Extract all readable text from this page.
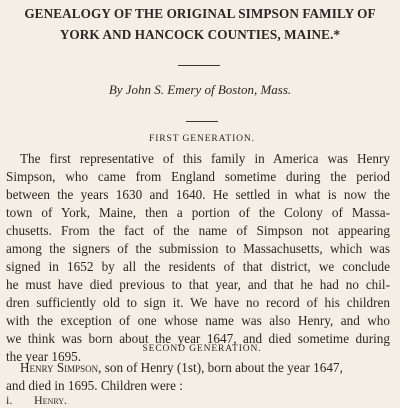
GENEALOGY OF THE ORIGINAL SIMPSON FAMILY OF
YORK AND HANCOCK COUNTIES, MAINE.*
By John S. Emery of Boston, Mass.
FIRST GENERATION.
The first representative of this family in America was Henry
Simpson, who came from England sometime during the period
between the years 1630 and 1640. He settled in what is now the
town of York, Maine, then a portion of the Colony of Massa-
chusetts. From the fact of the name of Simpson not appearing
among the signers of the submission to Massachusetts, which was
signed in 1652 by all the residents of that district, we conclude
he must have died previous to that year, and that he had no chil-
dren sufficiently old to sign it. We have no record of his children
with the exception of one whose name was also Henry, and who
we think was born about the year 1647, and died sometime during
the year 1695.	SECOND GENERATION.
Henry Simpson, son of Henry (1st), born about the year 1647,
and died in 1695. Children were :
i. Henry.
